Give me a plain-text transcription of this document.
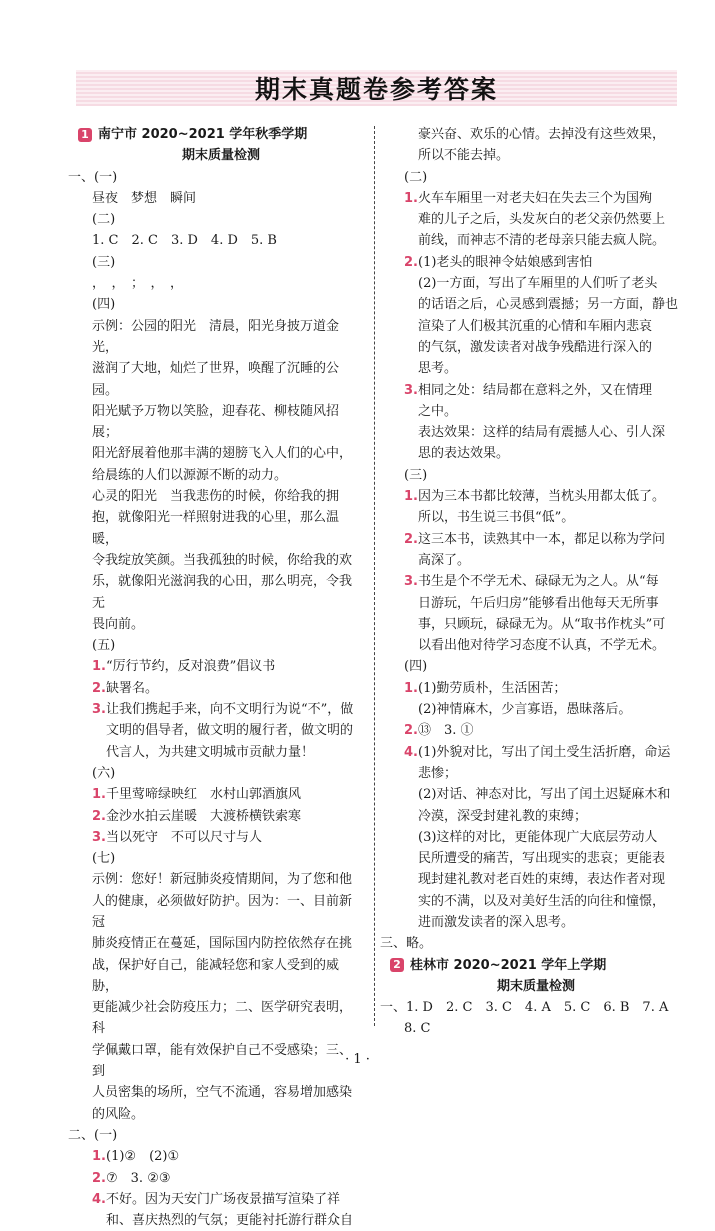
期末真题卷参考答案

1 南宁市 2020~2021 学年秋季学期

期末质量检测

一、(一)

昼夜　梦想　瞬间

(二)

1. C　2. C　3. D　4. D　5. B

(三)

，　，　；　，　，

(四)

示例：公园的阳光　清晨，阳光身披万道金光，

滋润了大地，灿烂了世界，唤醒了沉睡的公园。

阳光赋予万物以笑脸，迎春花、柳枝随风招展；

阳光舒展着他那丰满的翅膀飞入人们的心中，

给晨练的人们以源源不断的动力。

心灵的阳光　当我悲伤的时候，你给我的拥

抱，就像阳光一样照射进我的心里，那么温暖，

令我绽放笑颜。当我孤独的时候，你给我的欢

乐，就像阳光滋润我的心田，那么明亮，令我无

畏向前。

(五)

1.“厉行节约，反对浪费”倡议书

2.缺署名。

3.让我们携起手来，向不文明行为说“不”，做

文明的倡导者，做文明的履行者，做文明的

代言人，为共建文明城市贡献力量！

(六)

1.千里莺啼绿映红　水村山郭酒旗风

2.金沙水拍云崖暖　大渡桥横铁索寒

3.当以死守　不可以尺寸与人

(七)

示例：您好！新冠肺炎疫情期间，为了您和他

人的健康，必须做好防护。因为：一、目前新冠

肺炎疫情正在蔓延，国际国内防控依然存在挑

战，保护好自己，能减轻您和家人受到的威胁，

更能减少社会防疫压力；二、医学研究表明，科

学佩戴口罩，能有效保护自己不受感染；三、到

人员密集的场所，空气不流通，容易增加感染

的风险。

二、(一)

1.(1)②　(2)①

2.⑦　3. ②③

4.不好。因为天安门广场夜景描写渲染了祥

和、喜庆热烈的气氛；更能衬托游行群众自

豪兴奋、欢乐的心情。去掉没有这些效果，

所以不能去掉。

(二)

1.火车车厢里一对老夫妇在失去三个为国殉

难的儿子之后，头发灰白的老父亲仍然要上

前线，而神志不清的老母亲只能去疯人院。

2.(1)老头的眼神令姑娘感到害怕

(2)一方面，写出了车厢里的人们听了老头

的话语之后，心灵感到震撼；另一方面，静也

渲染了人们极其沉重的心情和车厢内悲哀

的气氛，激发读者对战争残酷进行深入的

思考。

3.相同之处：结局都在意料之外，又在情理

之中。

表达效果：这样的结局有震撼人心、引人深

思的表达效果。

(三)

1.因为三本书都比较薄，当枕头用都太低了。

所以，书生说三书俱“低”。

2.这三本书，读熟其中一本，都足以称为学问

高深了。

3.书生是个不学无术、碌碌无为之人。从“每

日游玩，午后归房”能够看出他每天无所事

事，只顾玩，碌碌无为。从“取书作枕头”可

以看出他对待学习态度不认真，不学无术。

(四)

1.(1)勤劳质朴，生活困苦；

(2)神情麻木，少言寡语，愚昧落后。

2.⑬　3. ①

4.(1)外貌对比，写出了闰土受生活折磨，命运

悲惨；

(2)对话、神态对比，写出了闰土迟疑麻木和

冷漠，深受封建礼教的束缚；

(3)这样的对比，更能体现广大底层劳动人

民所遭受的痛苦，写出现实的悲哀；更能表

现封建礼教对老百姓的束缚，表达作者对现

实的不满，以及对美好生活的向往和憧憬，

进而激发读者的深入思考。

三、略。

2 桂林市 2020~2021 学年上学期

期末质量检测

一、1. D　2. C　3. C　4. A　5. C　6. B　7. A

8. C

· 1 ·
